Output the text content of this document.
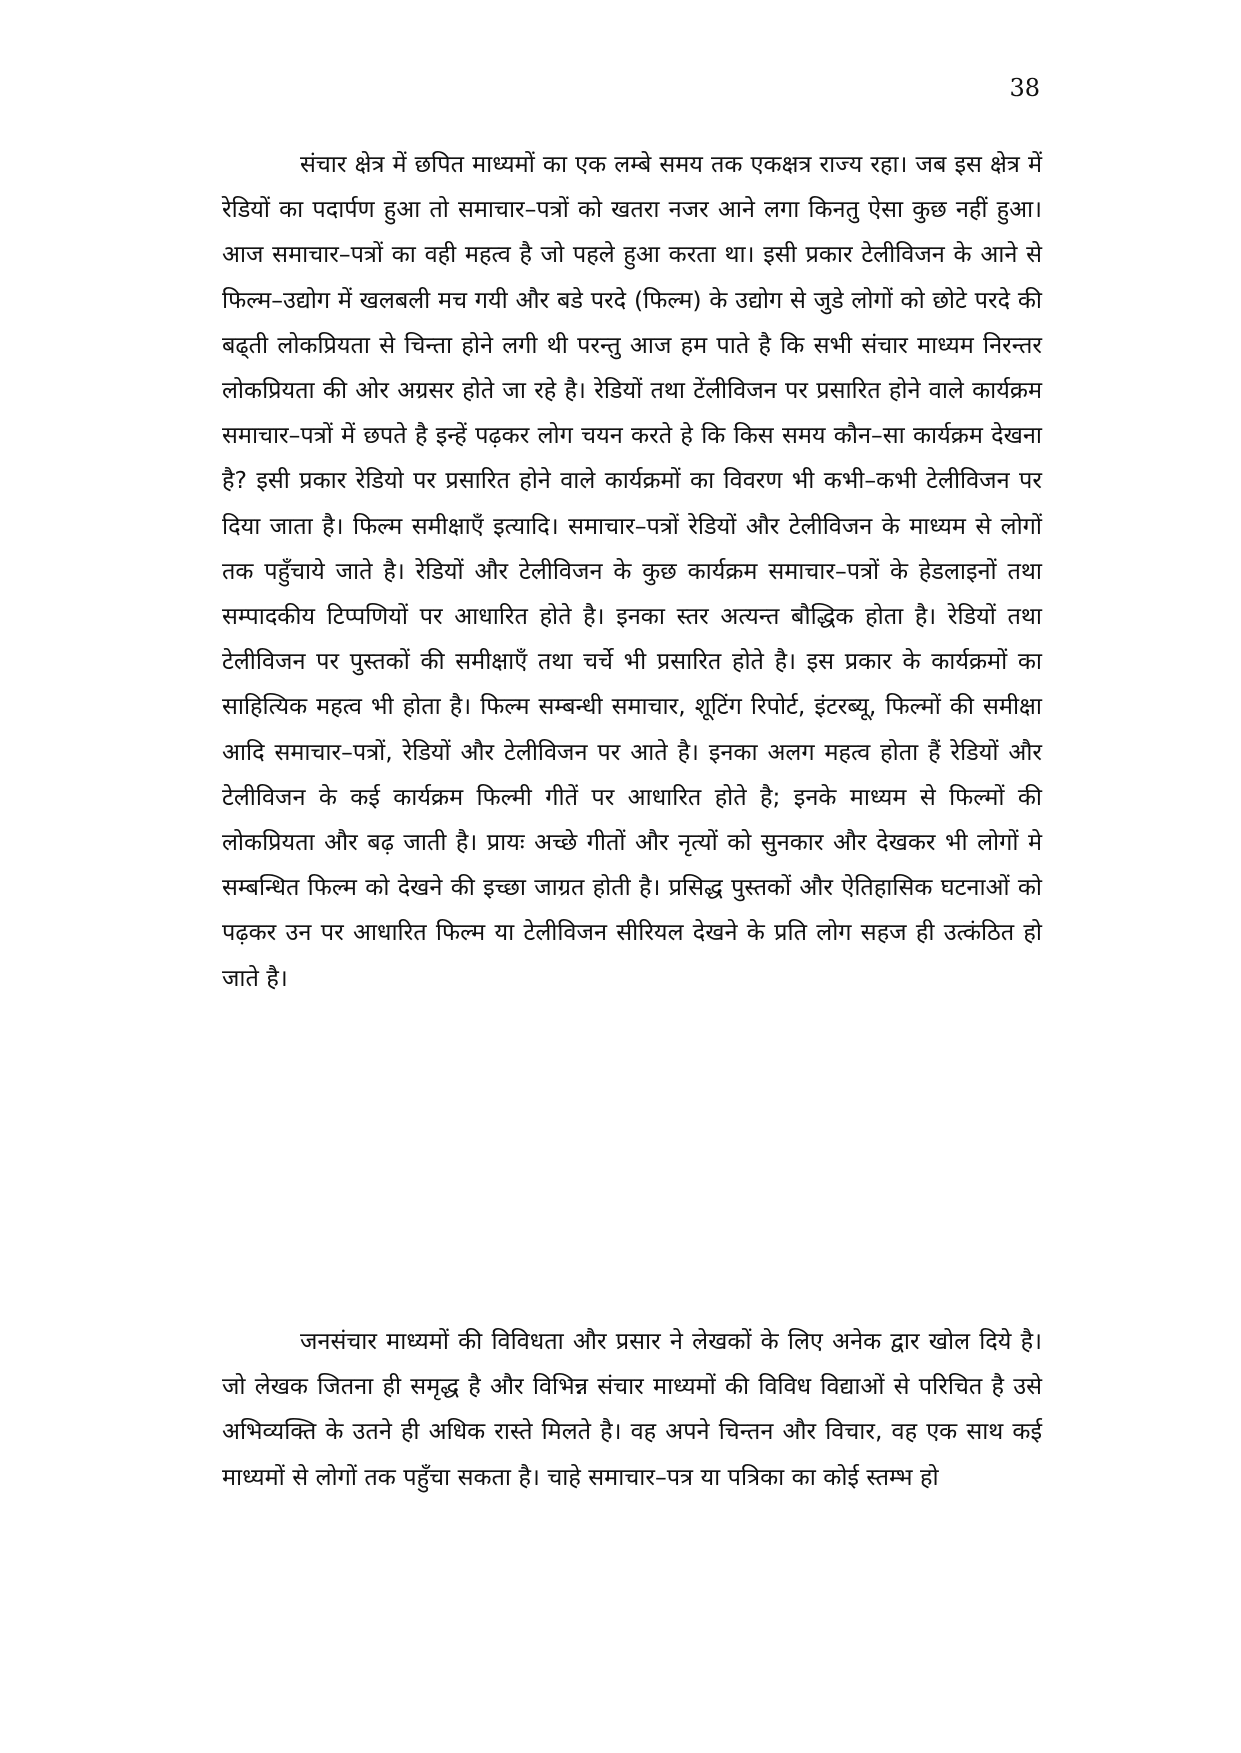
38

संचार क्षेत्र में छपित माध्यमों का एक लम्बे समय तक एकक्षत्र राज्य रहा। जब इस क्षेत्र में रेडियों का पदार्पण हुआ तो समाचार–पत्रों को खतरा नजर आने लगा किनतु ऐसा कुछ नहीं हुआ। आज समाचार–पत्रों का वही महत्व है जो पहले हुआ करता था। इसी प्रकार टेलीविजन के आने से फिल्म–उद्योग में खलबली मच गयी और बडे परदे (फिल्म) के उद्योग से जुडे लोगों को छोटे परदे की बढ्ती लोकप्रियता से चिन्ता होने लगी थी परन्तु आज हम पाते है कि सभी संचार माध्यम निरन्तर लोकप्रियता की ओर अग्रसर होते जा रहे है। रेडियों तथा टेंलीविजन पर प्रसारित होने वाले कार्यक्रम समाचार–पत्रों में छपते है इन्हें पढ़कर लोग चयन करते हे कि किस समय कौन–सा कार्यक्रम देखना है? इसी प्रकार रेडियो पर प्रसारित होने वाले कार्यक्रमों का विवरण भी कभी–कभी टेलीविजन पर दिया जाता है। फिल्म समीक्षाएँ इत्यादि। समाचार–पत्रों रेडियों और टेलीविजन के माध्यम से लोगों तक पहुँचाये जाते है। रेडियों और टेलीविजन के कुछ कार्यक्रम समाचार–पत्रों के हेडलाइनों तथा सम्पादकीय टिप्पणियों पर आधारित होते है। इनका स्तर अत्यन्त बौद्धिक होता है। रेडियों तथा टेलीविजन पर पुस्तकों की समीक्षाएँ तथा चर्चे भी प्रसारित होते है। इस प्रकार के कार्यक्रमों का साहित्यिक महत्व भी होता है। फिल्म सम्बन्धी समाचार, शूटिंग रिपोर्ट, इंटरब्यू, फिल्मों की समीक्षा आदि समाचार–पत्रों, रेडियों और टेलीविजन पर आते है। इनका अलग महत्व होता हैं रेडियों और टेलीविजन के कई कार्यक्रम फिल्मी गीतें पर आधारित होते है; इनके माध्यम से फिल्मों की लोकप्रियता और बढ़ जाती है। प्रायः अच्छे गीतों और नृत्यों को सुनकार और देखकर भी लोगों मे सम्बन्धित फिल्म को देखने की इच्छा जाग्रत होती है। प्रसिद्ध पुस्तकों और ऐतिहासिक घटनाओं को पढ़कर उन पर आधारित फिल्म या टेलीविजन सीरियल देखने के प्रति लोग सहज ही उत्कंठित हो जाते है।

जनसंचार माध्यमों की विविधता और प्रसार ने लेखकों के लिए अनेक द्वार खोल दिये है। जो लेखक जितना ही समृद्ध है और विभिन्न संचार माध्यमों की विविध विद्याओं से परिचित है उसे अभिव्यक्ति के उतने ही अधिक रास्ते मिलते है। वह अपने चिन्तन और विचार, वह एक साथ कई माध्यमों से लोगों तक पहुँचा सकता है। चाहे समाचार–पत्र या पत्रिका का कोई स्तम्भ हो
